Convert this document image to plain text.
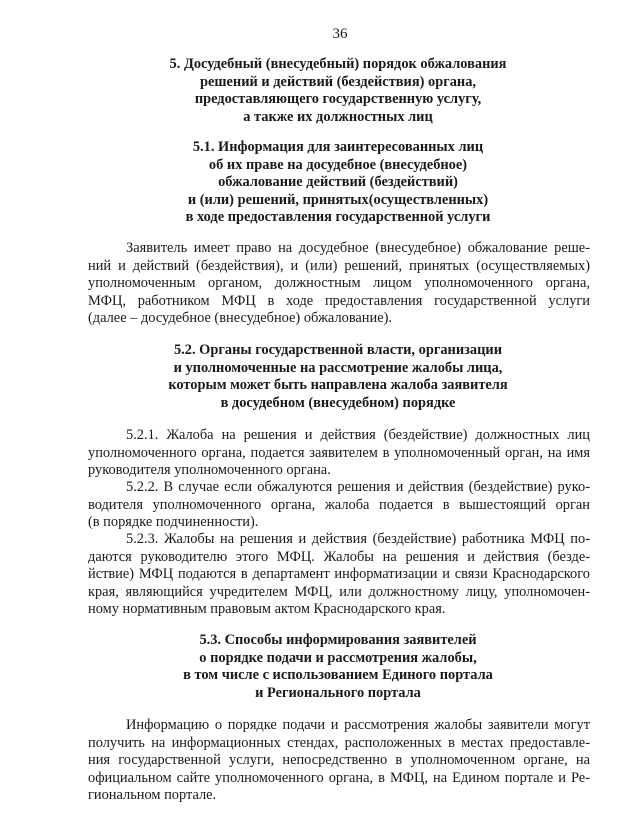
36
5. Досудебный (внесудебный) порядок обжалования
решений и действий (бездействия) органа,
предоставляющего государственную услугу,
а также их должностных лиц
5.1. Информация для заинтересованных лиц
об их праве на досудебное (внесудебное)
обжалование действий (бездействий)
и (или) решений, принятых(осуществленных)
в ходе предоставления государственной услуги
Заявитель имеет право на досудебное (внесудебное) обжалование реше-
ний и действий (бездействия), и (или) решений, принятых (осуществляемых)
уполномоченным органом, должностным лицом уполномоченного органа,
МФЦ, работником МФЦ в ходе предоставления государственной услуги
(далее – досудебное (внесудебное) обжалование).
5.2. Органы государственной власти, организации
и уполномоченные на рассмотрение жалобы лица,
которым может быть направлена жалоба заявителя
в досудебном (внесудебном) порядке
5.2.1. Жалоба на решения и действия (бездействие) должностных лиц
уполномоченного органа, подается заявителем в уполномоченный орган, на имя
руководителя уполномоченного органа.
5.2.2. В случае если обжалуются решения и действия (бездействие) руко-
водителя уполномоченного органа, жалоба подается в вышестоящий орган
(в порядке подчиненности).
5.2.3. Жалобы на решения и действия (бездействие) работника МФЦ по-
даются руководителю этого МФЦ. Жалобы на решения и действия (безде-
йствие) МФЦ подаются в департамент информатизации и связи Краснодарского
края, являющийся учредителем МФЦ, или должностному лицу, уполномочен-
ному нормативным правовым актом Краснодарского края.
5.3. Способы информирования заявителей
о порядке подачи и рассмотрения жалобы,
в том числе с использованием Единого портала
и Регионального портала
Информацию о порядке подачи и рассмотрения жалобы заявители могут
получить на информационных стендах, расположенных в местах предоставле-
ния государственной услуги, непосредственно в уполномоченном органе, на
официальном сайте уполномоченного органа, в МФЦ, на Едином портале и Ре-
гиональном портале.
